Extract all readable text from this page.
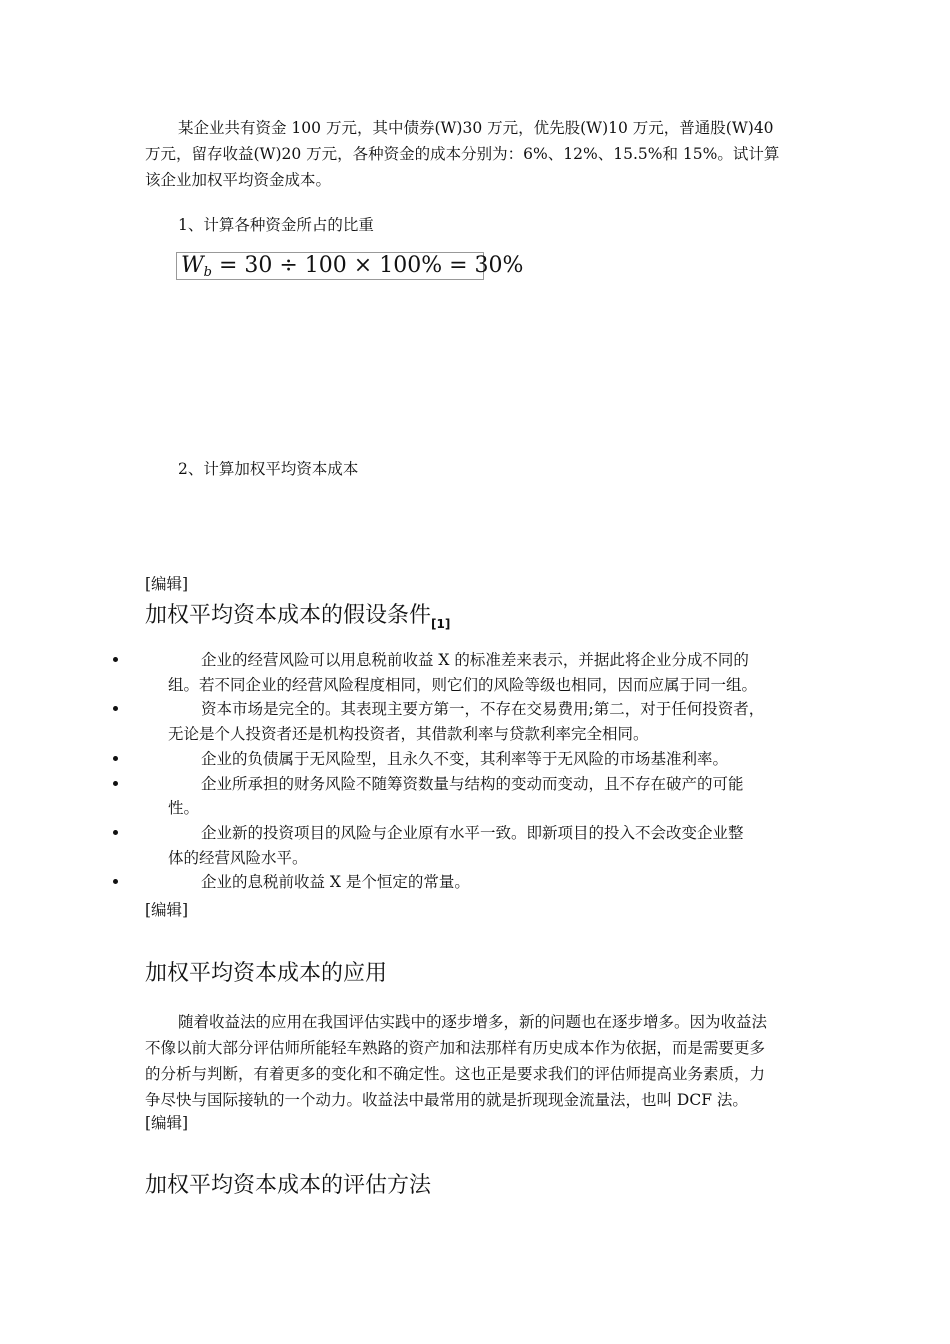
某企业共有资金 100 万元，其中债券(W)30 万元，优先股(W)10 万元，普通股(W)40
万元，留存收益(W)20 万元，各种资金的成本分别为：6%、12%、15.5%和 15%。试计算
该企业加权平均资金成本。
1、计算各种资金所占的比重
$W_b = 30 \div 100 \times 100\% = 30\%$
2、计算加权平均资本成本
[编辑]
加权平均资本成本的假设条件$_{[1]}$
企业的经营风险可以用息税前收益 X 的标准差来表示，并据此将企业分成不同的
组。若不同企业的经营风险程度相同，则它们的风险等级也相同，因而应属于同一组。
资本市场是完全的。其表现主要方第一，不存在交易费用;第二，对于任何投资者，
无论是个人投资者还是机构投资者，其借款利率与贷款利率完全相同。
企业的负债属于无风险型，且永久不变，其利率等于无风险的市场基准利率。
企业所承担的财务风险不随筹资数量与结构的变动而变动，且不存在破产的可能
性。
企业新的投资项目的风险与企业原有水平一致。即新项目的投入不会改变企业整
体的经营风险水平。
企业的息税前收益 X 是个恒定的常量。
[编辑]
加权平均资本成本的应用
随着收益法的应用在我国评估实践中的逐步增多，新的问题也在逐步增多。因为收益法
不像以前大部分评估师所能轻车熟路的资产加和法那样有历史成本作为依据，而是需要更多
的分析与判断，有着更多的变化和不确定性。这也正是要求我们的评估师提高业务素质，力
争尽快与国际接轨的一个动力。收益法中最常用的就是折现现金流量法，也叫 DCF 法。
[编辑]
加权平均资本成本的评估方法
